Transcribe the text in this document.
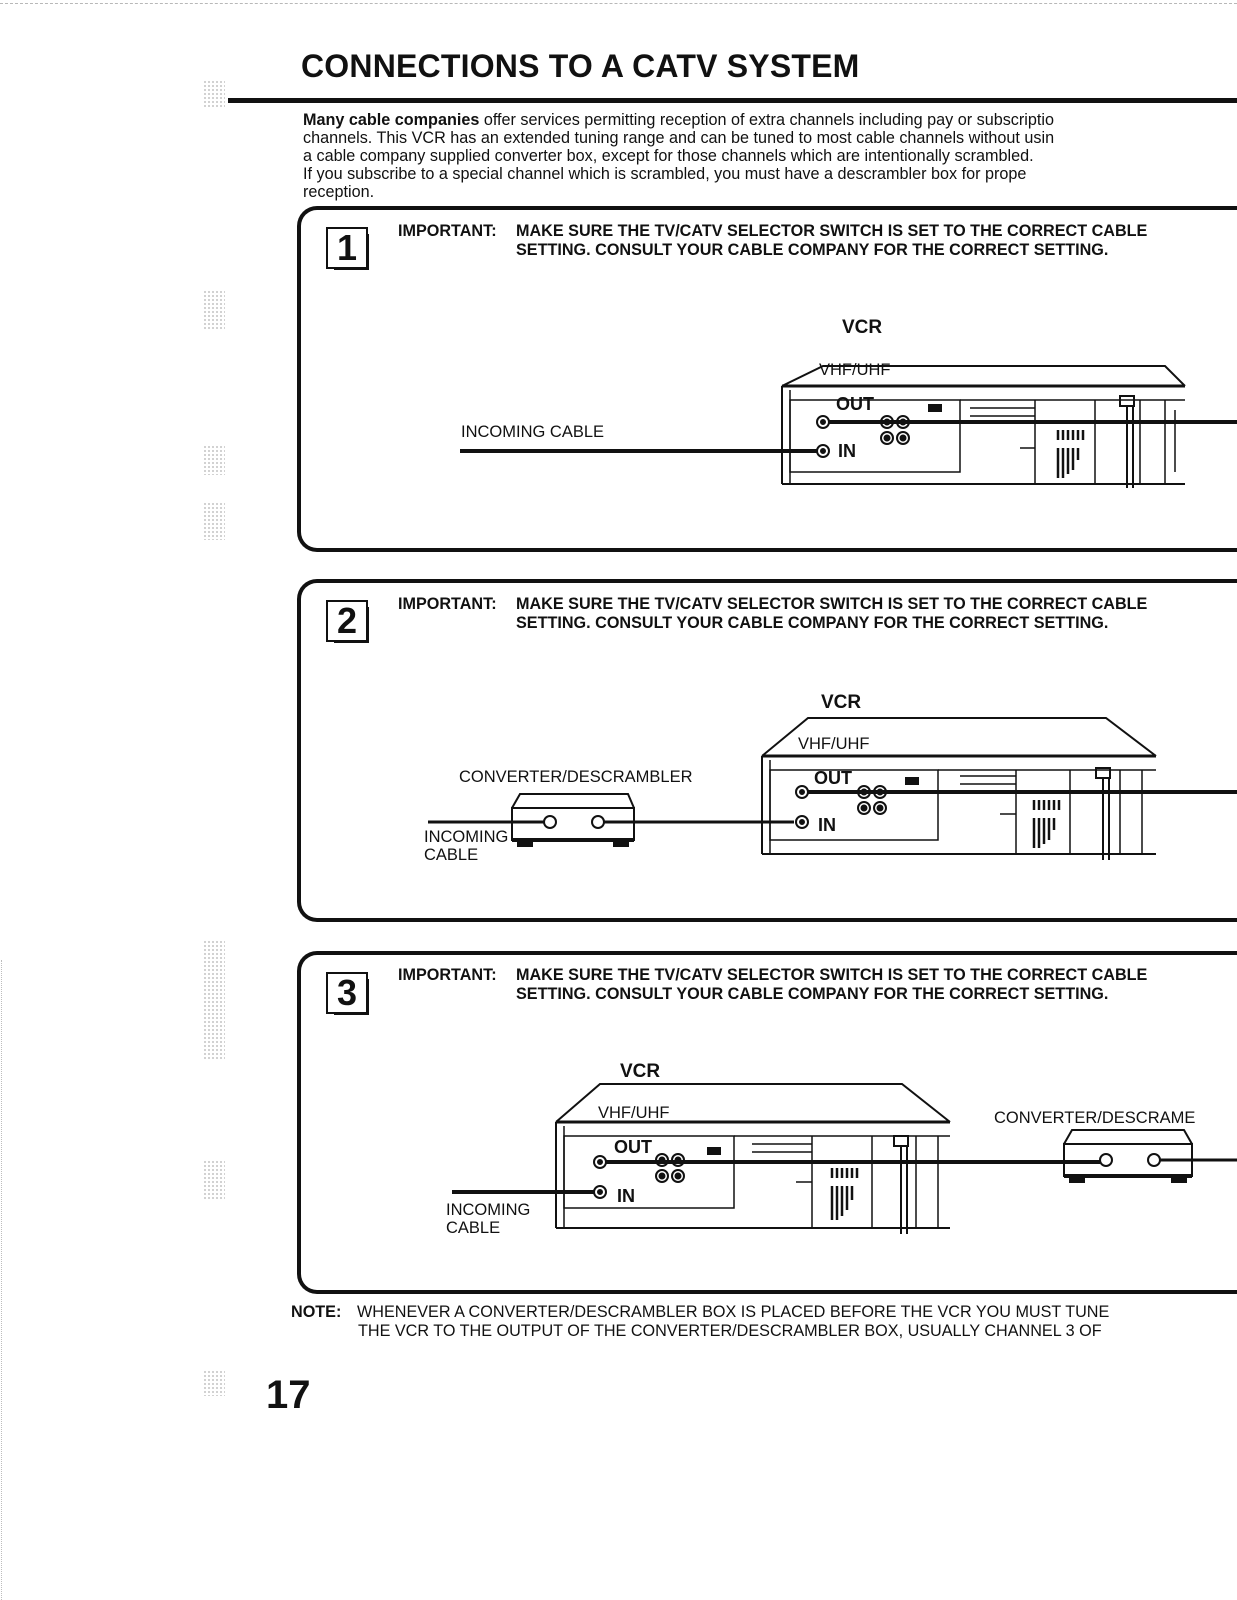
CONNECTIONS TO A CATV SYSTEM

Many cable companies offer services permitting reception of extra channels including pay or subscriptio
channels. This VCR has an extended tuning range and can be tuned to most cable channels without usin
a cable company supplied converter box, except for those channels which are intentionally scrambled.
If you subscribe to a special channel which is scrambled, you must have a descrambler box for prope
reception.

1	IMPORTANT: MAKE SURE THE TV/CATV SELECTOR SWITCH IS SET TO THE CORRECT CABLE SETTING. CONSULT YOUR CABLE COMPANY FOR THE CORRECT SETTING.
VCR
VHF/UHF
OUT
IN
INCOMING CABLE
2	IMPORTANT: MAKE SURE THE TV/CATV SELECTOR SWITCH IS SET TO THE CORRECT CABLE SETTING. CONSULT YOUR CABLE COMPANY FOR THE CORRECT SETTING.
VCR
VHF/UHF
OUT
IN
CONVERTER/DESCRAMBLER
INCOMING
CABLE
3	IMPORTANT: MAKE SURE THE TV/CATV SELECTOR SWITCH IS SET TO THE CORRECT CABLE SETTING. CONSULT YOUR CABLE COMPANY FOR THE CORRECT SETTING.
VCR
VHF/UHF
OUT
IN
CONVERTER/DESCRAME
INCOMING
CABLE
NOTE: WHENEVER A CONVERTER/DESCRAMBLER BOX IS PLACED BEFORE THE VCR YOU MUST TUNE
THE VCR TO THE OUTPUT OF THE CONVERTER/DESCRAMBLER BOX, USUALLY CHANNEL 3 OF
17
